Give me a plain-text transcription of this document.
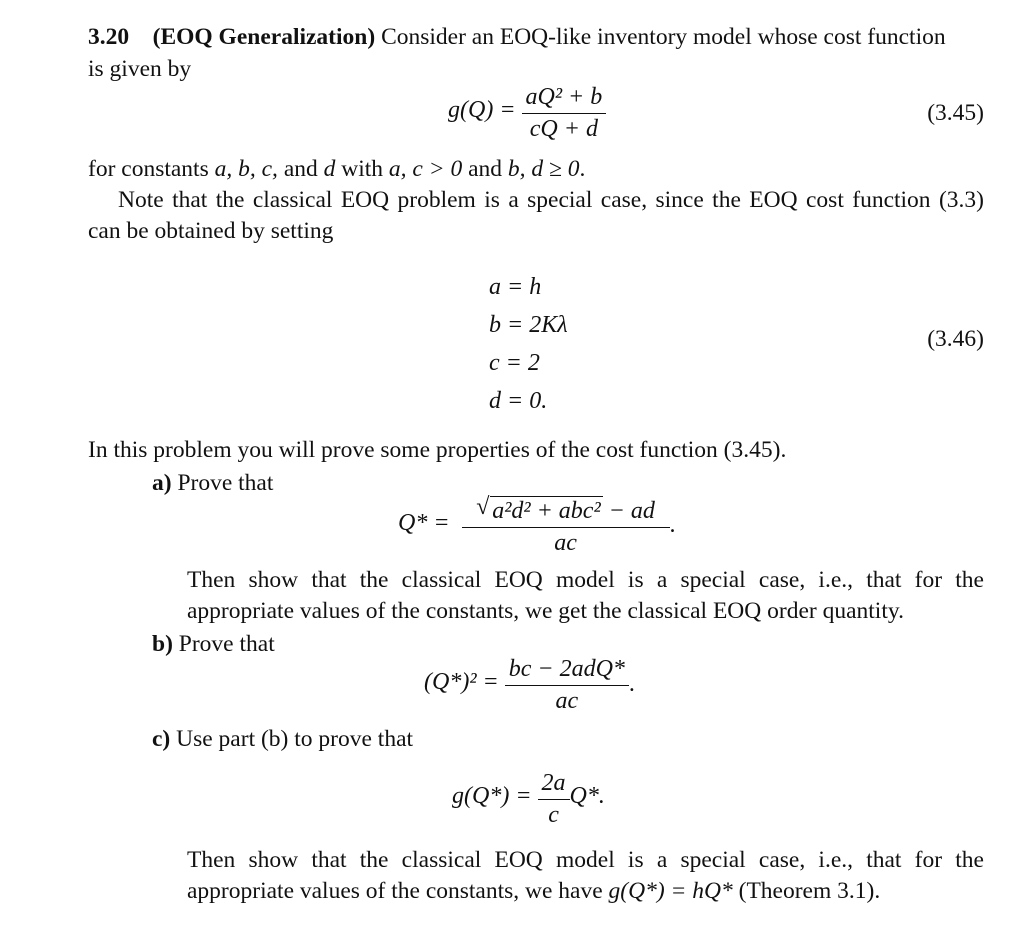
3.20 (EOQ Generalization) Consider an EOQ-like inventory model whose cost function
is given by
$g(Q) = \frac{\text{aQ² + b}}{cQ + d}$	(3.45)
for constants a, b, c, and d with a, c > 0 and b, d ≥ 0.
Note that the classical EOQ problem is a special case, since the EOQ cost function (3.3)
can be obtained by setting
a = h
b = 2Kλ
c = 2
d = 0.
(3.46)
In this problem you will prove some properties of the cost function (3.45).
a) Prove that
$Q* = \frac{\text{√ a²d² + abc² − ad}}{ac}$ .
Then show that the classical EOQ model is a special case, i.e., that for the
appropriate values of the constants, we get the classical EOQ order quantity.
b) Prove that
$(Q*)^2 = \frac{\text{bc − 2adQ*}}{ac}$ .
c) Use part (b) to prove that
$g(Q*) = \frac{2a}{c} Q*$.
Then show that the classical EOQ model is a special case, i.e., that for the
appropriate values of the constants, we have g(Q*) = hQ* (Theorem 3.1).
